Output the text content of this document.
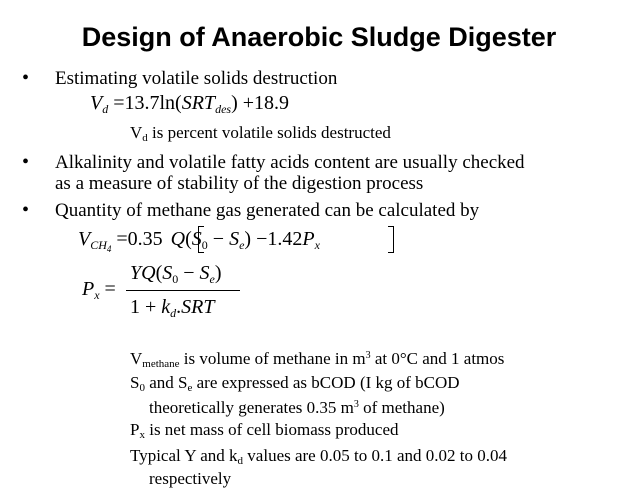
Design of Anaerobic Sludge Digester
• Estimating volatile solids destruction
$V_d =13.7\ln(SRT_{des}) +18.9$
$V_d$ is percent volatile solids destructed
• Alkalinity and volatile fatty acids content are usually checked
as a measure of stability of the digestion process
• Quantity of methane gas generated can be calculated by
$V_{CH_4} =0.35$ $Q(S_0 - S_e) -1.42P_x$
$P_x$ =
$YQ(S_0 - S_e)$
$1 + k_d.SRT$
$V_{methane}$ is volume of methane in $m^3$ at 0°C and 1 atmos
$S_0$ and $S_e$ are expressed as bCOD (I kg of bCOD
theoretically generates 0.35 $m^3$ of methane)
$P_x$ is net mass of cell biomass produced
Typical Y and $k_d$ values are 0.05 to 0.1 and 0.02 to 0.04
respectively
